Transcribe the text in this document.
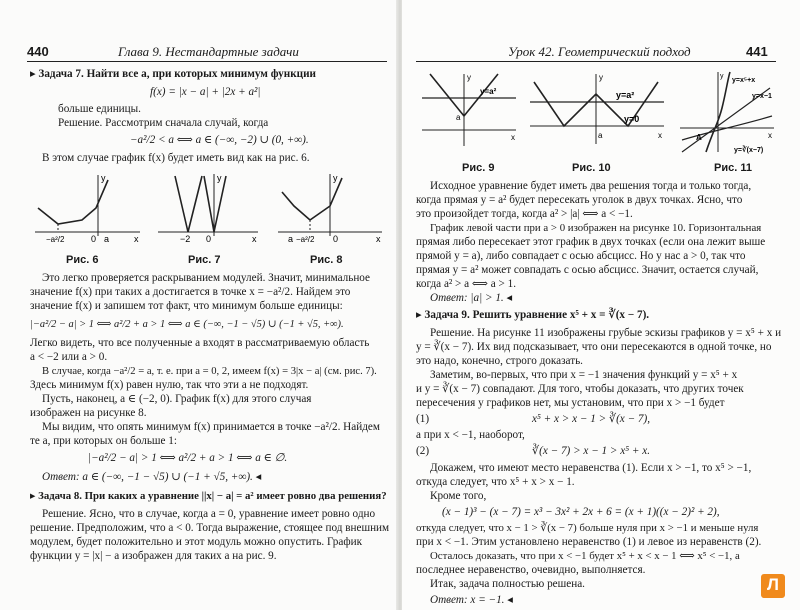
440	Глава 9. Нестандартные задачи
▸ Задача 7. Найти все a, при которых минимум функции
f(x) = |x − a| + |2x + a²|
больше единицы.
Решение. Рассмотрим сначала случай, когда
−a²/2 < a ⟺ a ∈ (−∞, −2) ∪ (0, +∞).
В этом случае график f(x) будет иметь вид как на рис. 6.
y
−a²/2	0 a	x
y
−2 0	x
y
a −a²/2 0	x
Рис. 6	Рис. 7	Рис. 8
Это легко проверяется раскрыванием модулей. Значит, минимальное
значение f(x) при таких a достигается в точке x = −a²/2. Найдем это
значение f(x) и запишем тот факт, что минимум больше единицы:
|−a²/2 − a| > 1 ⟺ a²/2 + a > 1 ⟺ a ∈ (−∞, −1 − √5) ∪ (−1 + √5, +∞).
Легко видеть, что все полученные a входят в рассматриваемую область
a < −2 или a > 0.
В случае, когда −a²/2 = a, т. е. при a = 0, 2, имеем f(x) = 3|x − a| (см. рис. 7).
Здесь минимум f(x) равен нулю, так что эти a не подходят.
Пусть, наконец, a ∈ (−2, 0). График f(x) для этого случая
изображен на рисунке 8.
Мы видим, что опять минимум f(x) принимается в точке −a²/2. Найдем
те a, при которых он больше 1:
|−a²/2 − a| > 1 ⟺ a²/2 + a > 1 ⟺ a ∈ ∅.
Ответ: a ∈ (−∞, −1 − √5) ∪ (−1 + √5, +∞). ◂
▸ Задача 8. При каких a уравнение ||x| − a| = a² имеет ровно два решения?
Решение. Ясно, что в случае, когда a = 0, уравнение имеет ровно одно
решение. Предположим, что a < 0. Тогда выражение, стоящее под внешним
модулем, будет положительно и этот модуль можно опустить. График
функции y = |x| − a изображен для таких a на рис. 9.
Урок 42. Геометрический подход	441
y
y=a²
a
x
y
y=a²
y=0
a	x
y
y=x⁵+x
y=x−1
A
y=∛(x−7)
x
Рис. 9	Рис. 10	Рис. 11
Исходное уравнение будет иметь два решения тогда и только тогда,
когда прямая y = a² будет пересекать уголок в двух точках. Ясно, что
это произойдет тогда, когда a² > |a| ⟺ a < −1.
График левой части при a > 0 изображен на рисунке 10. Горизонтальная
прямая либо пересекает этот график в двух точках (если она лежит выше
прямой y = a), либо совпадает с осью абсцисс. Но у нас a > 0, так что
прямая y = a² может совпадать с осью абсцисс. Значит, остается случай,
когда a² > a ⟺ a > 1.
Ответ: |a| > 1. ◂
▸ Задача 9. Решить уравнение x⁵ + x = ∛(x − 7).
Решение. На рисунке 11 изображены грубые эскизы графиков y = x⁵ + x и
y = ∛(x − 7). Их вид подсказывает, что они пересекаются в одной точке, но
это надо, конечно, строго доказать.
Заметим, во-первых, что при x = −1 значения функций y = x⁵ + x
и y = ∛(x − 7) совпадают. Для того, чтобы доказать, что других точек
пересечения у графиков нет, мы установим, что при x > −1 будет
(1)	x⁵ + x > x − 1 > ∛(x − 7),
а при x < −1, наоборот,
(2)	∛(x − 7) > x − 1 > x⁵ + x.
Докажем, что имеют место неравенства (1). Если x > −1, то x⁵ > −1,
откуда следует, что x⁵ + x > x − 1.
Кроме того,
(x − 1)³ − (x − 7) = x³ − 3x² + 2x + 6 = (x + 1)((x − 2)² + 2),
откуда следует, что x − 1 > ∛(x − 7) больше нуля при x > −1 и меньше нуля
при x < −1. Этим установлено неравенство (1) и левое из неравенств (2).
Осталось доказать, что при x < −1 будет x⁵ + x < x − 1 ⟺ x⁵ < −1, а
последнее неравенство, очевидно, выполняется.
Итак, задача полностью решена.
Ответ: x = −1. ◂
Л
